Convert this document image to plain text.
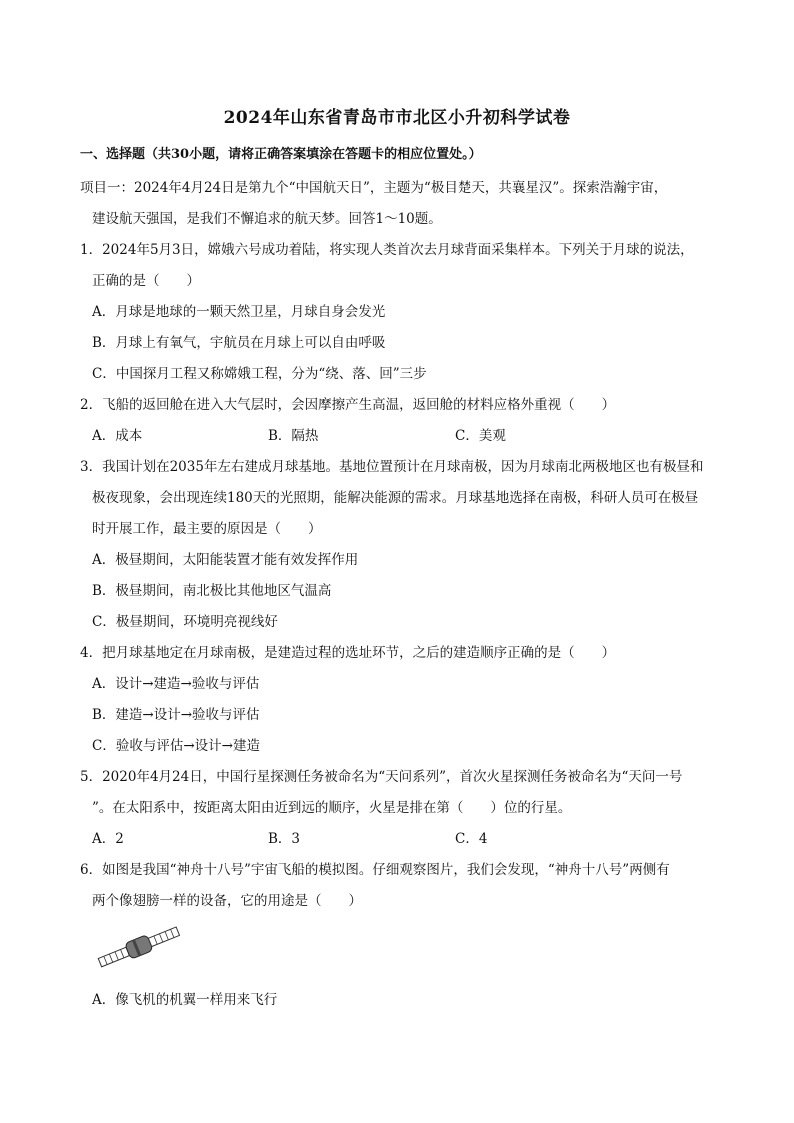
2024年山东省青岛市市北区小升初科学试卷
一、选择题（共30小题，请将正确答案填涂在答题卡的相应位置处。）
项目一：2024年4月24日是第九个“中国航天日”，主题为“极目楚天，共襄星汉”。探索浩瀚宇宙，
建设航天强国，是我们不懈追求的航天梦。回答1～10题。
1．2024年5月3日，嫦娥六号成功着陆，将实现人类首次去月球背面采集样本。下列关于月球的说法，
正确的是（　　）
A．月球是地球的一颗天然卫星，月球自身会发光
B．月球上有氧气，宇航员在月球上可以自由呼吸
C．中国探月工程又称嫦娥工程，分为“绕、落、回”三步
2．飞船的返回舱在进入大气层时，会因摩擦产生高温，返回舱的材料应格外重视（　　）
A．成本	B．隔热	C．美观
3．我国计划在2035年左右建成月球基地。基地位置预计在月球南极，因为月球南北两极地区也有极昼和
极夜现象，会出现连续180天的光照期，能解决能源的需求。月球基地选择在南极，科研人员可在极昼
时开展工作，最主要的原因是（　　）
A．极昼期间，太阳能装置才能有效发挥作用
B．极昼期间，南北极比其他地区气温高
C．极昼期间，环境明亮视线好
4．把月球基地定在月球南极，是建造过程的选址环节，之后的建造顺序正确的是（　　）
A．设计→建造→验收与评估
B．建造→设计→验收与评估
C．验收与评估→设计→建造
5．2020年4月24日，中国行星探测任务被命名为“天问系列”，首次火星探测任务被命名为“天问一号
”。在太阳系中，按距离太阳由近到远的顺序，火星是排在第（　　）位的行星。
A．2	B．3	C．4
6．如图是我国“神舟十八号”宇宙飞船的模拟图。仔细观察图片，我们会发现，“神舟十八号”两侧有
两个像翅膀一样的设备，它的用途是（　　）
A．像飞机的机翼一样用来飞行
